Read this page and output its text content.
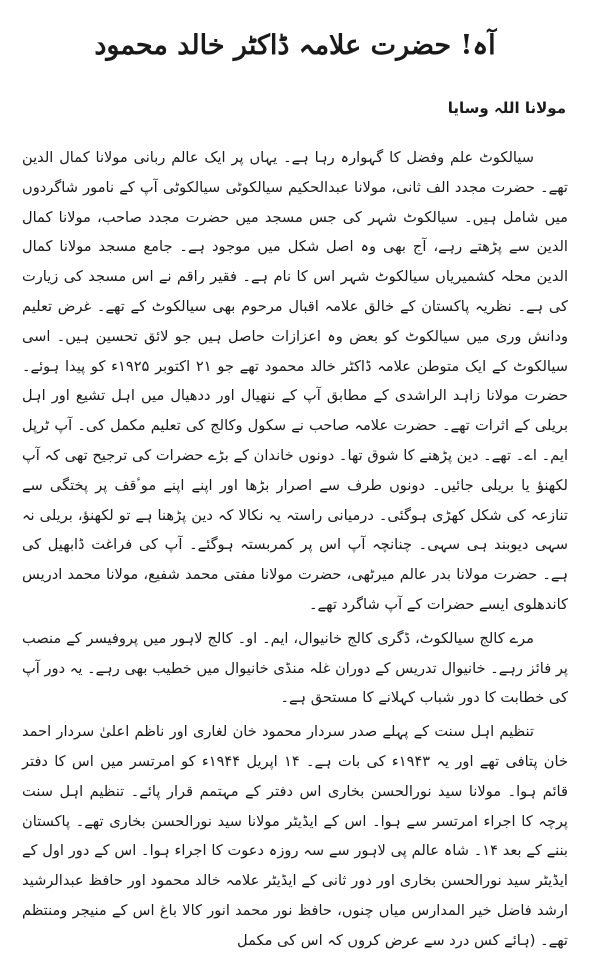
آہ! حضرت علامہ ڈاکٹر خالد محمود
مولانا اللہ وسایا

سیالکوٹ علم وفضل کا گہوارہ رہا ہے۔ یہاں پر ایک عالم ربانی مولانا کمال الدین تھے۔ حضرت مجدد الف ثانی، مولانا عبدالحکیم سیالکوٹی سیالکوٹی آپ کے نامور شاگردوں میں شامل ہیں۔ سیالکوٹ شہر کی جس مسجد میں حضرت مجدد صاحب، مولانا کمال الدین سے پڑھتے رہے، آج بھی وہ اصل شکل میں موجود ہے۔ جامع مسجد مولانا کمال الدین محلہ کشمیریاں سیالکوٹ شہر اس کا نام ہے۔ فقیر راقم نے اس مسجد کی زیارت کی ہے۔ نظریہ پاکستان کے خالق علامہ اقبال مرحوم بھی سیالکوٹ کے تھے۔ غرض تعلیم ودانش وری میں سیالکوٹ کو بعض وہ اعزازات حاصل ہیں جو لائق تحسین ہیں۔ اسی سیالکوٹ کے ایک متوطن علامہ ڈاکٹر خالد محمود تھے جو ۲۱ اکتوبر ۱۹۲۵ء کو پیدا ہوئے۔ حضرت مولانا زاہد الراشدی کے مطابق آپ کے ننھیال اور ددھیال میں اہل تشیع اور اہل بریلی کے اثرات تھے۔ حضرت علامہ صاحب نے سکول وکالج کی تعلیم مکمل کی۔ آپ ٹرپل ایم۔ اے۔ تھے۔ دین پڑھنے کا شوق تھا۔ دونوں خاندان کے بڑے حضرات کی ترجیح تھی کہ آپ لکھنؤ یا بریلی جائیں۔ دونوں طرف سے اصرار بڑھا اور اپنے اپنے موٴقف پر پختگی سے تنازعہ کی شکل کھڑی ہوگئی۔ درمیانی راستہ یہ نکالا کہ دین پڑھنا ہے تو لکھنؤ، بریلی نہ سہی دیوبند ہی سہی۔ چنانچہ آپ اس پر کمربستہ ہوگئے۔ آپ کی فراغت ڈابھیل کی ہے۔ حضرت مولانا بدر عالم میرٹھی، حضرت مولانا مفتی محمد شفیع، مولانا محمد ادریس کاندھلوی ایسے حضرات کے آپ شاگرد تھے۔

مرے کالج سیالکوٹ، ڈگری کالج خانیوال، ایم۔ او۔ کالج لاہور میں پروفیسر کے منصب پر فائز رہے۔ خانیوال تدریس کے دوران غلہ منڈی خانیوال میں خطیب بھی رہے۔ یہ دور آپ کی خطابت کا دور شباب کہلانے کا مستحق ہے۔

تنظیم اہل سنت کے پہلے صدر سردار محمود خان لغاری اور ناظم اعلیٰ سردار احمد خان پتافی تھے اور یہ ۱۹۴۳ء کی بات ہے۔ ۱۴ اپریل ۱۹۴۴ء کو امرتسر میں اس کا دفتر قائم ہوا۔ مولانا سید نورالحسن بخاری اس دفتر کے مہتمم قرار پائے۔ تنظیم اہل سنت پرچہ کا اجراء امرتسر سے ہوا۔ اس کے ایڈیٹر مولانا سید نورالحسن بخاری تھے۔ پاکستان بننے کے بعد ۱۴۔ شاہ عالم پی لاہور سے سہ روزہ دعوت کا اجراء ہوا۔ اس کے دور اول کے ایڈیٹر سید نورالحسن بخاری اور دور ثانی کے ایڈیٹر علامہ خالد محمود اور حافظ عبدالرشید ارشد فاضل خیر المدارس میاں چنوں، حافظ نور محمد انور کالا باغ اس کے منیجر ومنتظم تھے۔ (ہائے کس درد سے عرض کروں کہ اس کی مکمل
